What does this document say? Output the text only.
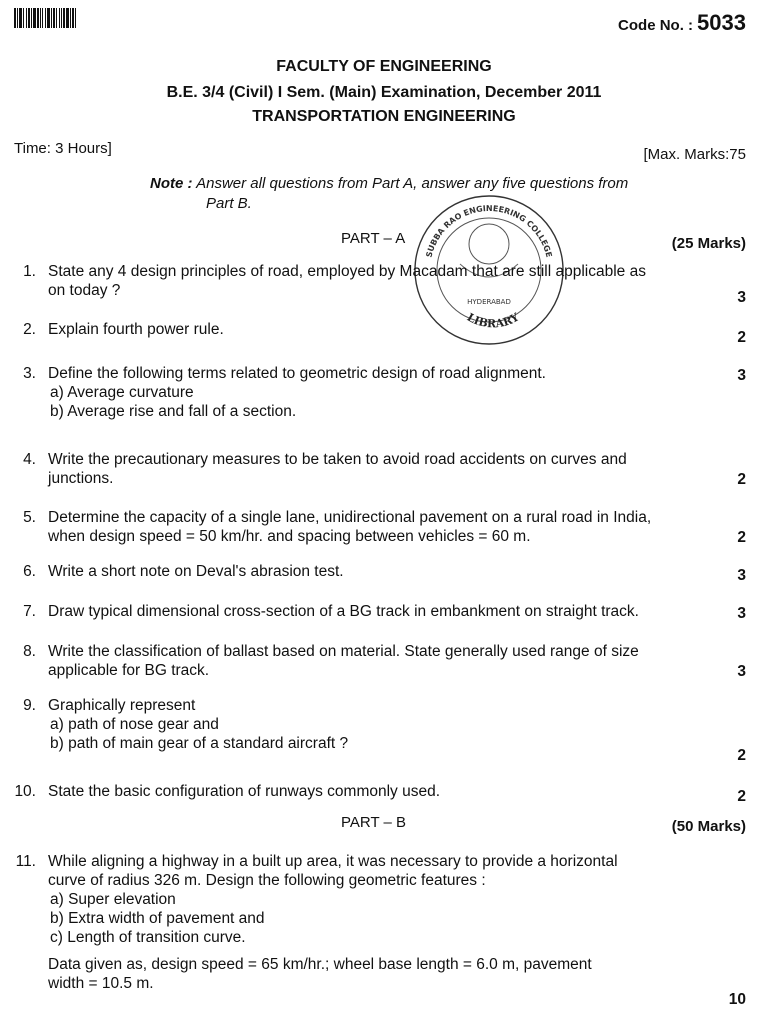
Code No. : 5033
FACULTY OF ENGINEERING
B.E. 3/4 (Civil) I Sem. (Main) Examination, December 2011
TRANSPORTATION ENGINEERING
Time: 3 Hours]	[Max. Marks:75
Note : Answer all questions from Part A, answer any five questions from
Part B.
SUBBA RAO ENGINEERING COLLEGE
HYDERABAD
LIBRARY
PART – A	(25 Marks)
PART – B	(50 Marks)
1. State any 4 design principles of road, employed by Macadam that are still applicable as
on today ?	3
2. Explain fourth power rule.	2
3. Define the following terms related to geometric design of road alignment.
a) Average curvature
b) Average rise and fall of a section.
3
4. Write the precautionary measures to be taken to avoid road accidents on curves and
junctions.	2
5. Determine the capacity of a single lane, unidirectional pavement on a rural road in India,
when design speed = 50 km/hr. and spacing between vehicles = 60 m.	2
6. Write a short note on Deval's abrasion test.	3
7. Draw typical dimensional cross-section of a BG track in embankment on straight track.	3
8. Write the classification of ballast based on material. State generally used range of size
applicable for BG track.	3
9. Graphically represent
a) path of nose gear and
b) path of main gear of a standard aircraft ?
2
10. State the basic configuration of runways commonly used.	2
11. While aligning a highway in a built up area, it was necessary to provide a horizontal
curve of radius 326 m. Design the following geometric features :
a) Super elevation
b) Extra width of pavement and
c) Length of transition curve.
Data given as, design speed = 65 km/hr.; wheel base length = 6.0 m, pavement
width = 10.5 m.
10
